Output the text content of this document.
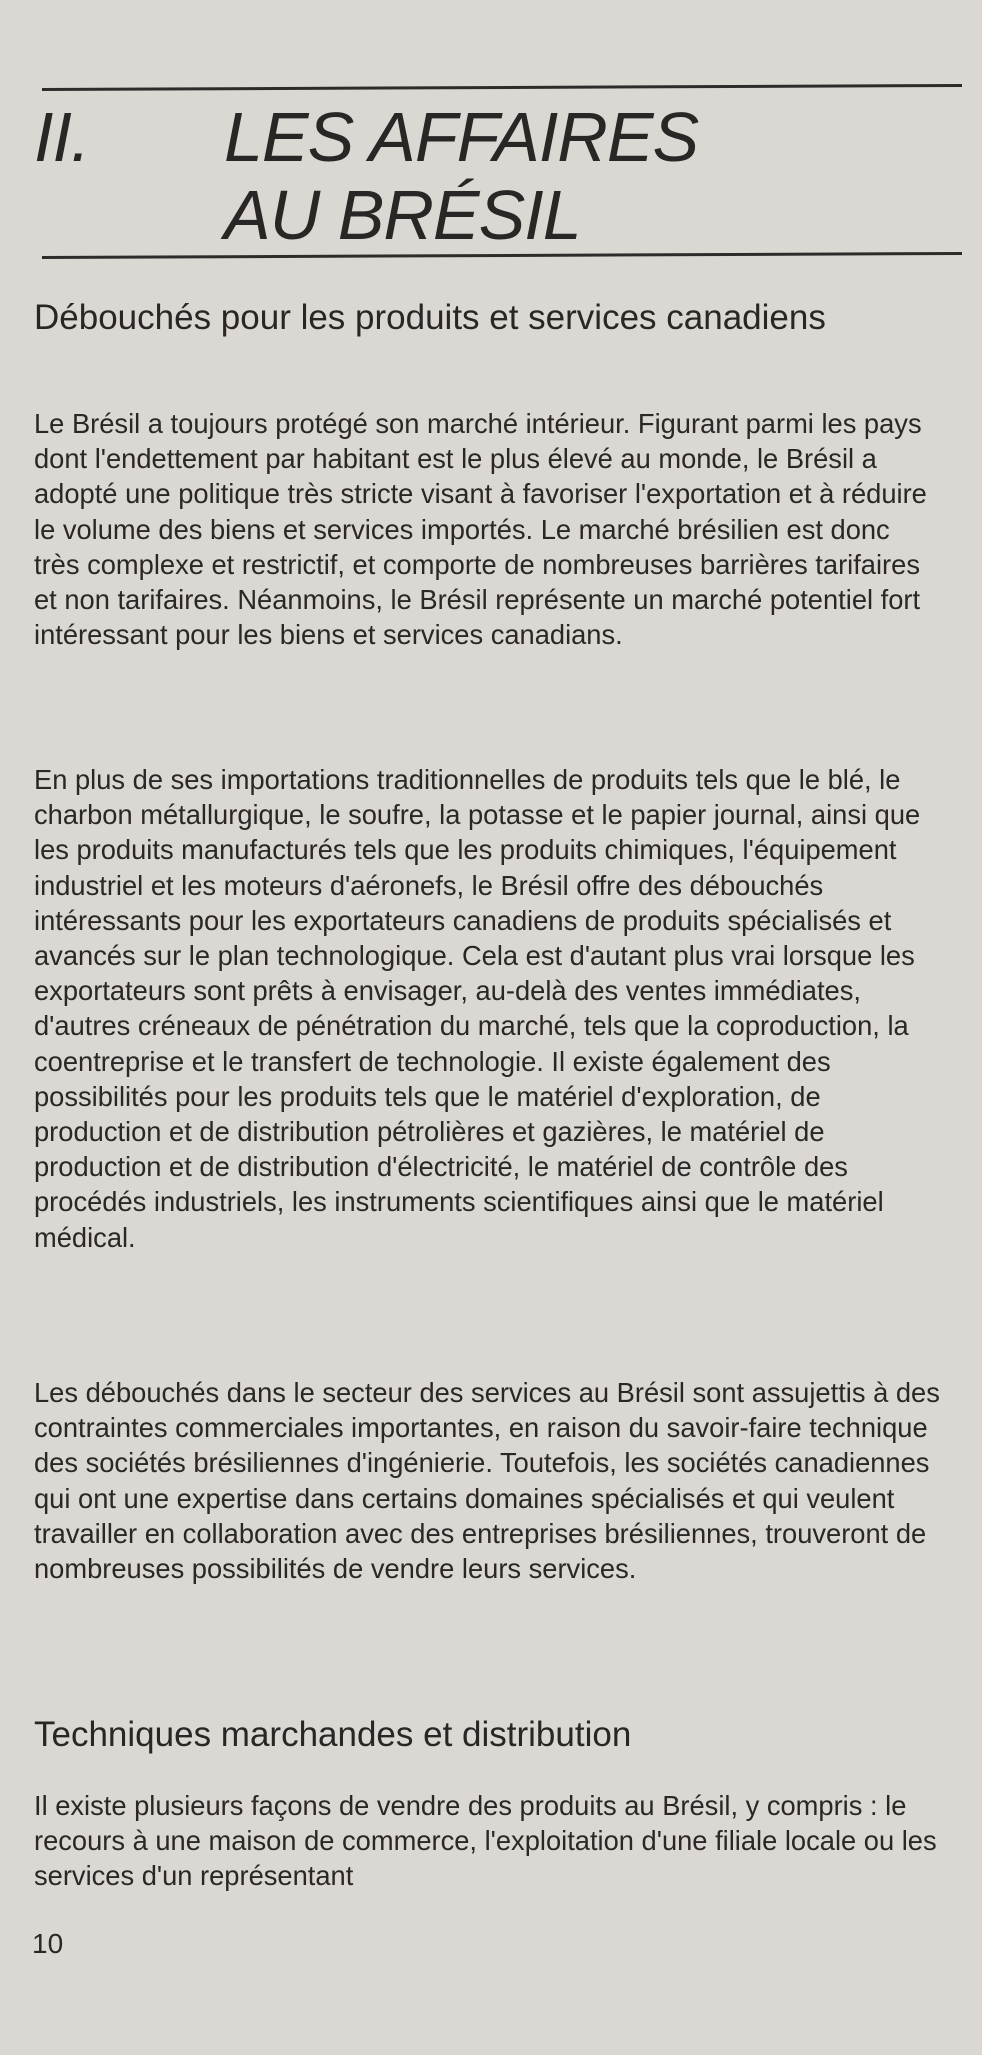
II. LES AFFAIRES
AU BRÉSIL
Débouchés pour les produits et services canadiens

Le Brésil a toujours protégé son marché intérieur. Figurant parmi les pays dont l'endettement par habitant est le plus élevé au monde, le Brésil a adopté une politique très stricte visant à favoriser l'exportation et à réduire le volume des biens et services importés. Le marché brésilien est donc très complexe et restrictif, et comporte de nombreuses barrières tarifaires et non tarifaires. Néanmoins, le Brésil représente un marché potentiel fort intéressant pour les biens et services canadians.

En plus de ses importations traditionnelles de produits tels que le blé, le charbon métallurgique, le soufre, la potasse et le papier journal, ainsi que les produits manufacturés tels que les produits chimiques, l'équipement industriel et les moteurs d'aéronefs, le Brésil offre des débouchés intéressants pour les exportateurs canadiens de produits spécialisés et avancés sur le plan technologique. Cela est d'autant plus vrai lorsque les exportateurs sont prêts à envisager, au-delà des ventes immédiates, d'autres créneaux de pénétration du marché, tels que la coproduction, la coentreprise et le transfert de technologie. Il existe également des possibilités pour les produits tels que le matériel d'exploration, de production et de distribution pétrolières et gazières, le matériel de production et de distribution d'électricité, le matériel de contrôle des procédés industriels, les instruments scientifiques ainsi que le matériel médical.

Les débouchés dans le secteur des services au Brésil sont assujettis à des contraintes commerciales importantes, en raison du savoir-faire technique des sociétés brésiliennes d'ingénierie. Toutefois, les sociétés canadiennes qui ont une expertise dans certains domaines spécialisés et qui veulent travailler en collaboration avec des entreprises brésiliennes, trouveront de nombreuses possibilités de vendre leurs services.

Techniques marchandes et distribution

Il existe plusieurs façons de vendre des produits au Brésil, y compris : le recours à une maison de commerce, l'exploitation d'une filiale locale ou les services d'un représentant

10
